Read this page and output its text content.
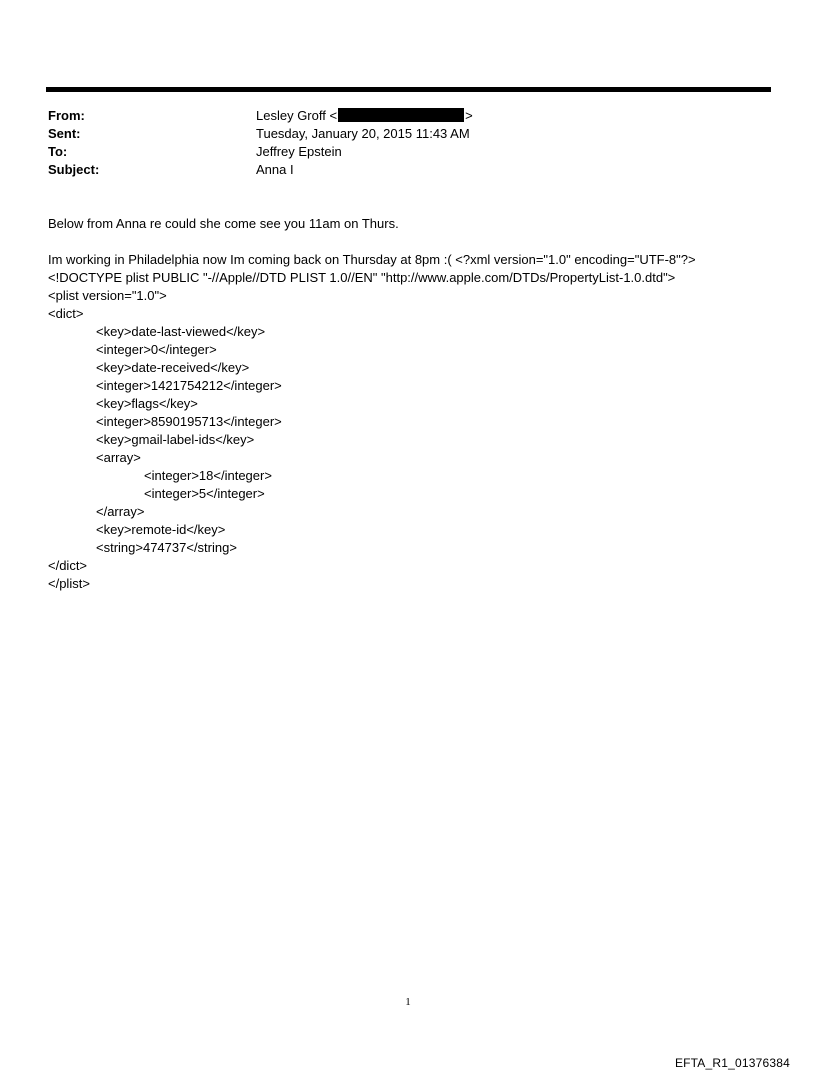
From:	Lesley Groff <	>
Sent:	Tuesday, January 20, 2015 11:43 AM
To:	Jeffrey Epstein
Subject:	Anna I
Below from Anna re could she come see you 11am on Thurs.
Im working in Philadelphia now Im coming back on Thursday at 8pm :( <?xml version="1.0" encoding="UTF-8"?>
<!DOCTYPE plist PUBLIC "-//Apple//DTD PLIST 1.0//EN" "http://www.apple.com/DTDs/PropertyList-1.0.dtd">
<plist version="1.0">
<dict>
<key>date-last-viewed</key>
<integer>0</integer>
<key>date-received</key>
<integer>1421754212</integer>
<key>flags</key>
<integer>8590195713</integer>
<key>gmail-label-ids</key>
<array>
<integer>18</integer>
<integer>5</integer>
</array>
<key>remote-id</key>
<string>474737</string>
</dict>
</plist>
1
EFTA_R1_01376384
